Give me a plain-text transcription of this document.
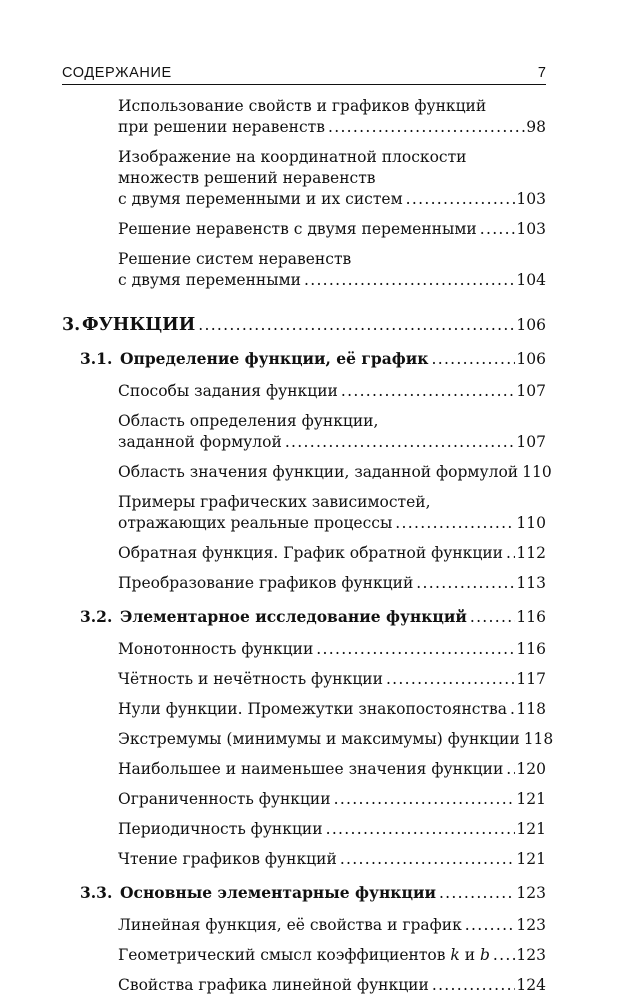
СОДЕРЖАНИЕ	7
Использование свойств и графиков функций
при решении неравенств .....	98
Изображение на координатной плоскости
множеств решений неравенств
с двумя переменными и их систем .....	103
Решение неравенств с двумя переменными .....	103
Решение систем неравенств
с двумя переменными .....	104
3.ФУНКЦИИ .....	106
3.1. Определение функции, её график .....	106
Способы задания функции .....	107
Область определения функции,
заданной формулой .....	107
Область значения функции, заданной формулой 110
Примеры графических зависимостей,
отражающих реальные процессы .....	110
Обратная функция. График обратной функции ..... 112
Преобразование графиков функций .....	113
3.2. Элементарное исследование функций .....	116
Монотонность функции .....	116
Чётность и нечётность функции .....	117
Нули функции. Промежутки знакопостоянства ..... 118
Экстремумы (минимумы и максимумы) функции 118
Наибольшее и наименьшее значения функции ..... 120
Ограниченность функции .....	121
Периодичность функции .....	121
Чтение графиков функций .....	121
3.3. Основные элементарные функции .....	123
Линейная функция, её свойства и график .....	123
Геометрический смысл коэффициентов k и b ..... 123
Свойства графика линейной функции .....	124
